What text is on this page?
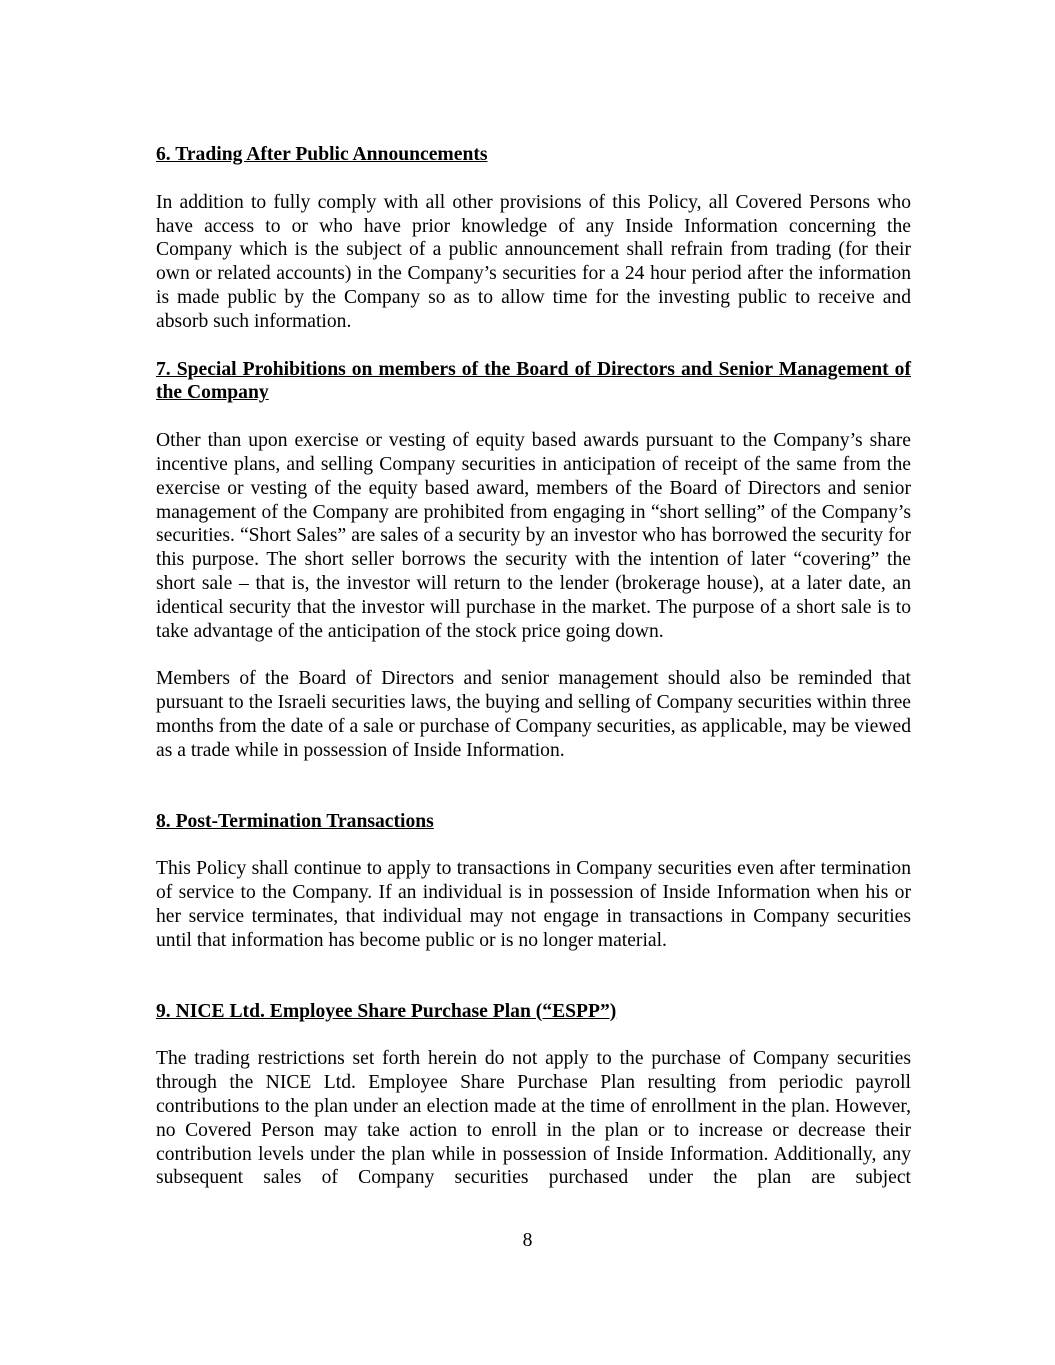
6. Trading After Public Announcements

In addition to fully comply with all other provisions of this Policy, all Covered Persons who have access to or who have prior knowledge of any Inside Information concerning the Company which is the subject of a public announcement shall refrain from trading (for their own or related accounts) in the Company’s securities for a 24 hour period after the information is made public by the Company so as to allow time for the investing public to receive and absorb such information.

7. Special Prohibitions on members of the Board of Directors and Senior Management of the Company

Other than upon exercise or vesting of equity based awards pursuant to the Company’s share incentive plans, and selling Company securities in anticipation of receipt of the same from the exercise or vesting of the equity based award, members of the Board of Directors and senior management of the Company are prohibited from engaging in “short selling” of the Company’s securities. “Short Sales” are sales of a security by an investor who has borrowed the security for this purpose. The short seller borrows the security with the intention of later “covering” the short sale – that is, the investor will return to the lender (brokerage house), at a later date, an identical security that the investor will purchase in the market. The purpose of a short sale is to take advantage of the anticipation of the stock price going down.

Members of the Board of Directors and senior management should also be reminded that pursuant to the Israeli securities laws, the buying and selling of Company securities within three months from the date of a sale or purchase of Company securities, as applicable, may be viewed as a trade while in possession of Inside Information.

8. Post-Termination Transactions

This Policy shall continue to apply to transactions in Company securities even after termination of service to the Company. If an individual is in possession of Inside Information when his or her service terminates, that individual may not engage in transactions in Company securities until that information has become public or is no longer material.

9. NICE Ltd. Employee Share Purchase Plan (“ESPP”)

The trading restrictions set forth herein do not apply to the purchase of Company securities through the NICE Ltd. Employee Share Purchase Plan resulting from periodic payroll contributions to the plan under an election made at the time of enrollment in the plan. However, no Covered Person may take action to enroll in the plan or to increase or decrease their contribution levels under the plan while in possession of Inside Information. Additionally, any subsequent sales of Company securities purchased under the plan are subject

8
